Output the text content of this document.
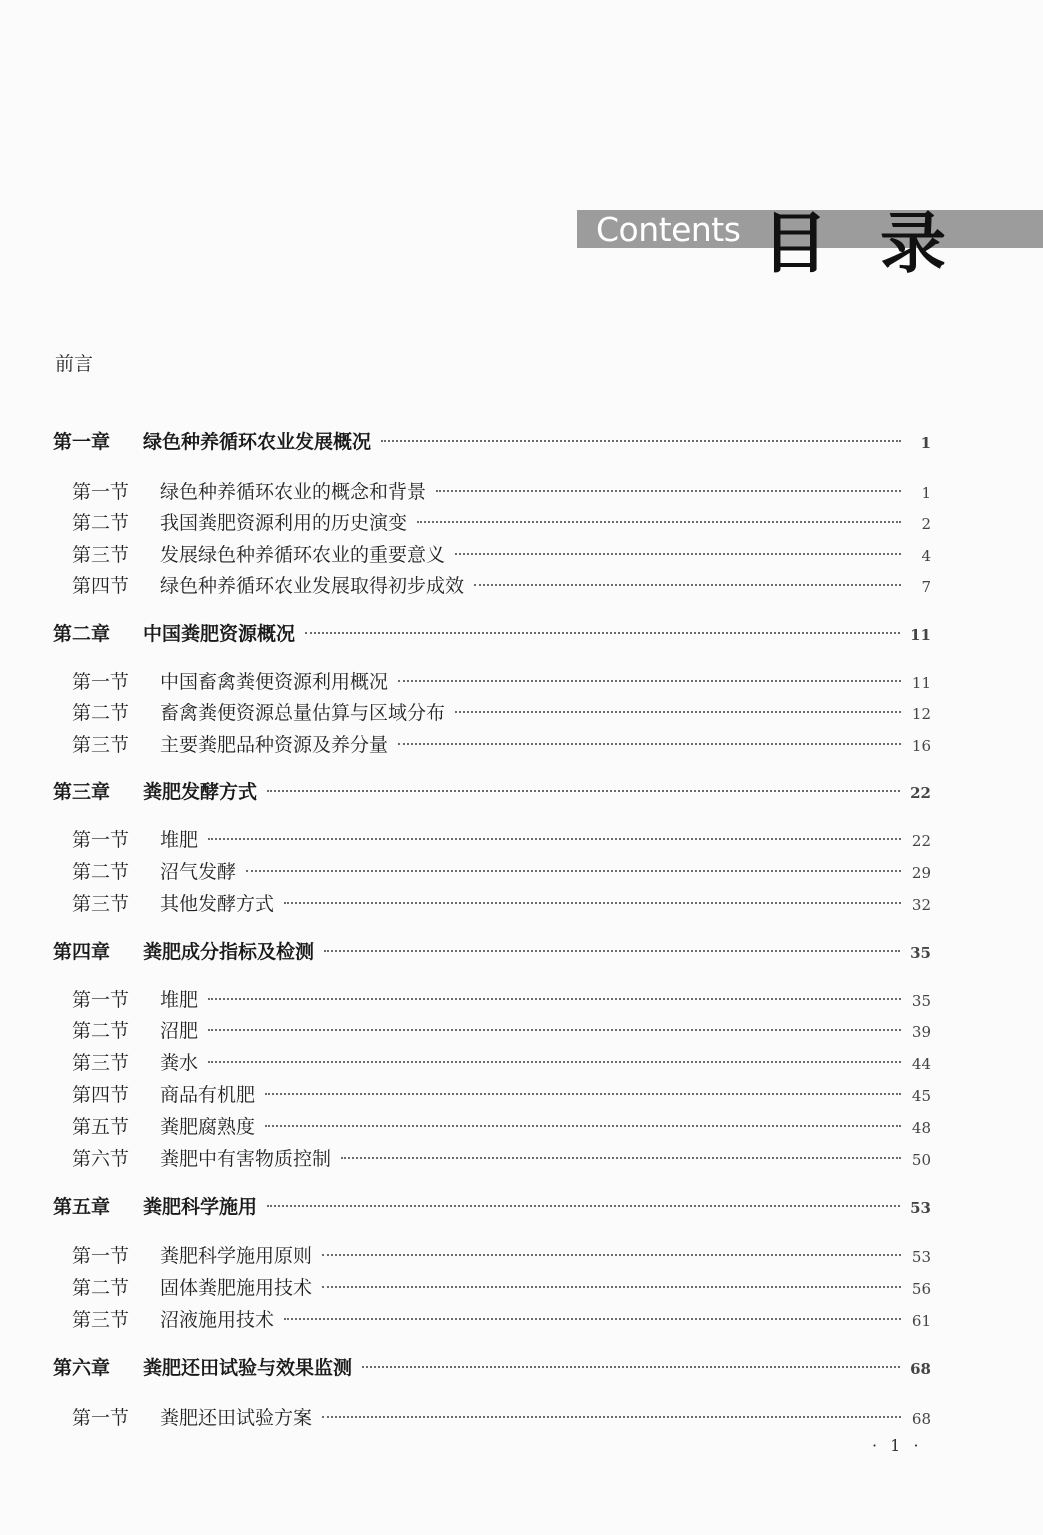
Contents 目录
前言
第一章	绿色种养循环农业发展概况	1
第一节	绿色种养循环农业的概念和背景	1
第二节	我国粪肥资源利用的历史演变	2
第三节	发展绿色种养循环农业的重要意义	4
第四节	绿色种养循环农业发展取得初步成效	7
第二章	中国粪肥资源概况	11
第一节	中国畜禽粪便资源利用概况	11
第二节	畜禽粪便资源总量估算与区域分布	12
第三节	主要粪肥品种资源及养分量	16
第三章	粪肥发酵方式	22
第一节	堆肥	22
第二节	沼气发酵	29
第三节	其他发酵方式	32
第四章	粪肥成分指标及检测	35
第一节	堆肥	35
第二节	沼肥	39
第三节	粪水	44
第四节	商品有机肥	45
第五节	粪肥腐熟度	48
第六节	粪肥中有害物质控制	50
第五章	粪肥科学施用	53
第一节	粪肥科学施用原则	53
第二节	固体粪肥施用技术	56
第三节	沼液施用技术	61
第六章	粪肥还田试验与效果监测	68
第一节	粪肥还田试验方案	68
· 1 ·
